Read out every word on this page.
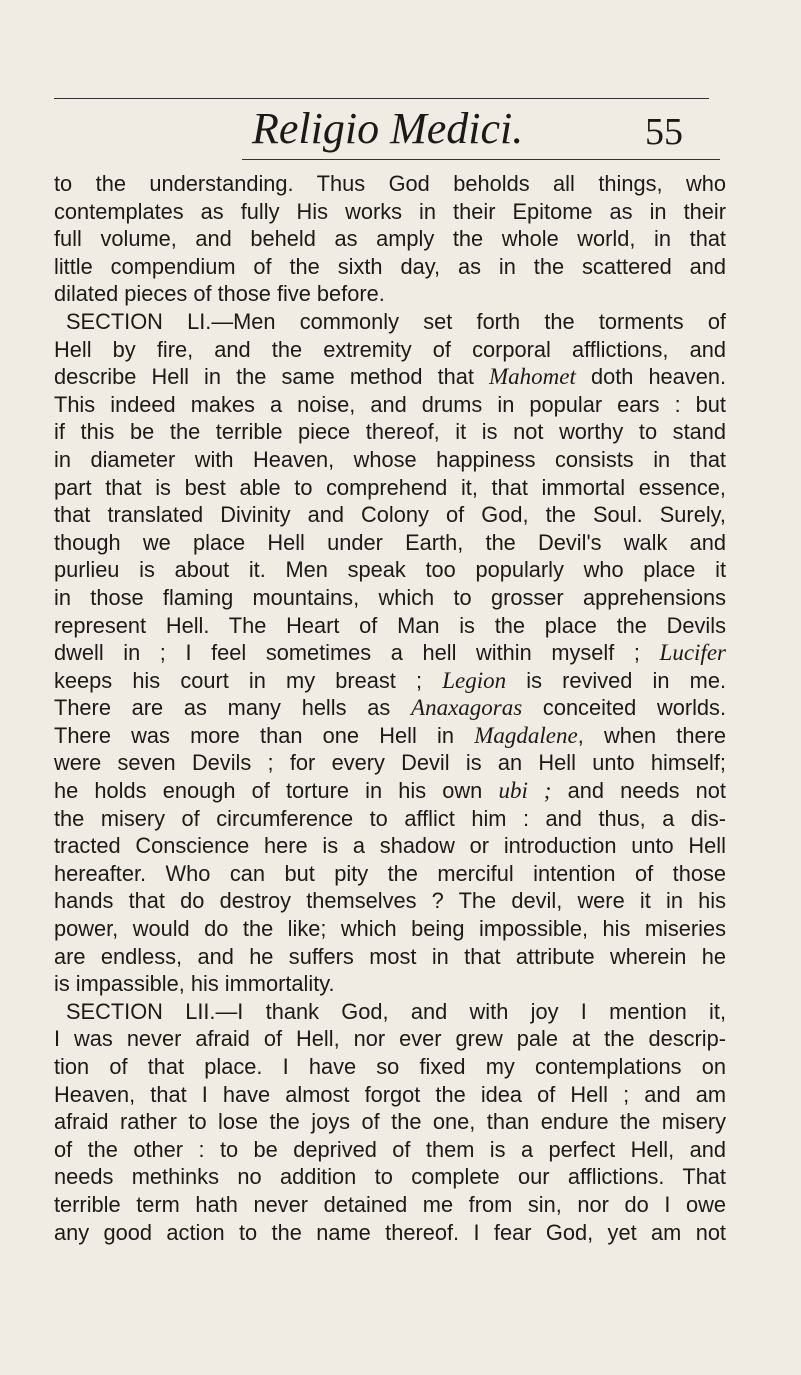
Religio Medici.	55
to the understanding. Thus God beholds all things, who
contemplates as fully His works in their Epitome as in their
full volume, and beheld as amply the whole world, in that
little compendium of the sixth day, as in the scattered and
dilated pieces of those five before.
SECTION LI.—Men commonly set forth the torments of
Hell by fire, and the extremity of corporal afflictions, and
describe Hell in the same method that Mahomet doth heaven.
This indeed makes a noise, and drums in popular ears : but
if this be the terrible piece thereof, it is not worthy to stand
in diameter with Heaven, whose happiness consists in that
part that is best able to comprehend it, that immortal essence,
that translated Divinity and Colony of God, the Soul. Surely,
though we place Hell under Earth, the Devil's walk and
purlieu is about it. Men speak too popularly who place it
in those flaming mountains, which to grosser apprehensions
represent Hell. The Heart of Man is the place the Devils
dwell in ; I feel sometimes a hell within myself ; Lucifer
keeps his court in my breast ; Legion is revived in me.
There are as many hells as Anaxagoras conceited worlds.
There was more than one Hell in Magdalene, when there
were seven Devils ; for every Devil is an Hell unto himself;
he holds enough of torture in his own ubi ; and needs not
the misery of circumference to afflict him : and thus, a dis-
tracted Conscience here is a shadow or introduction unto Hell
hereafter. Who can but pity the merciful intention of those
hands that do destroy themselves ? The devil, were it in his
power, would do the like; which being impossible, his miseries
are endless, and he suffers most in that attribute wherein he
is impassible, his immortality.
SECTION LII.—I thank God, and with joy I mention it,
I was never afraid of Hell, nor ever grew pale at the descrip-
tion of that place. I have so fixed my contemplations on
Heaven, that I have almost forgot the idea of Hell ; and am
afraid rather to lose the joys of the one, than endure the misery
of the other : to be deprived of them is a perfect Hell, and
needs methinks no addition to complete our afflictions. That
terrible term hath never detained me from sin, nor do I owe
any good action to the name thereof. I fear God, yet am not
